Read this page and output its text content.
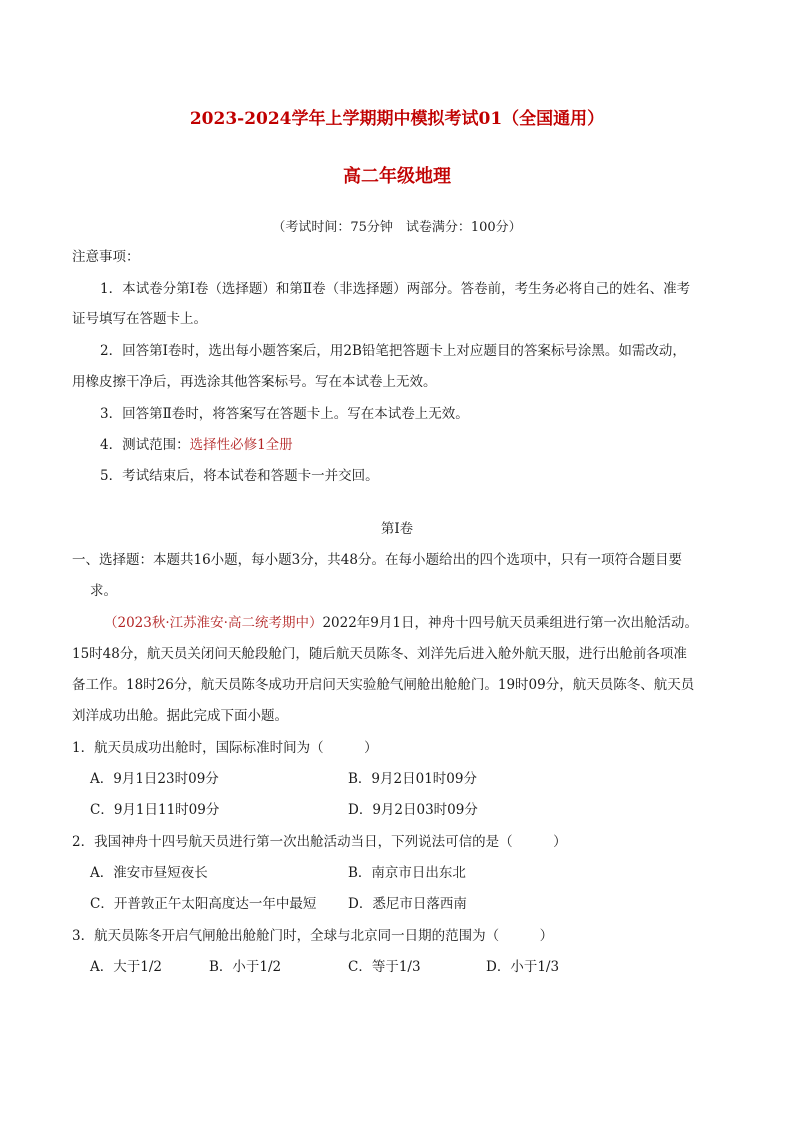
2023-2024学年上学期期中模拟考试01（全国通用）
高二年级地理
（考试时间：75分钟　试卷满分：100分）
注意事项：
1．本试卷分第Ⅰ卷（选择题）和第Ⅱ卷（非选择题）两部分。答卷前，考生务必将自己的姓名、准考
证号填写在答题卡上。
2．回答第Ⅰ卷时，选出每小题答案后，用2B铅笔把答题卡上对应题目的答案标号涂黑。如需改动，
用橡皮擦干净后，再选涂其他答案标号。写在本试卷上无效。
3．回答第Ⅱ卷时，将答案写在答题卡上。写在本试卷上无效。
4．测试范围：选择性必修1全册
5．考试结束后，将本试卷和答题卡一并交回。
第Ⅰ卷
一、选择题：本题共16小题，每小题3分，共48分。在每小题给出的四个选项中，只有一项符合题目要
求。
（2023秋·江苏淮安·高二统考期中）2022年9月1日，神舟十四号航天员乘组进行第一次出舱活动。
15时48分，航天员关闭问天舱段舱门，随后航天员陈冬、刘洋先后进入舱外航天服，进行出舱前各项准
备工作。18时26分，航天员陈冬成功开启问天实验舱气闸舱出舱舱门。19时09分，航天员陈冬、航天员
刘洋成功出舱。据此完成下面小题。
1．航天员成功出舱时，国际标准时间为（　　　）
A．9月1日23时09分	B．9月2日01时09分
C．9月1日11时09分	D．9月2日03时09分
2．我国神舟十四号航天员进行第一次出舱活动当日，下列说法可信的是（　　　）
A．淮安市昼短夜长	B．南京市日出东北
C．开普敦正午太阳高度达一年中最短 D．悉尼市日落西南
3．航天员陈冬开启气闸舱出舱舱门时，全球与北京同一日期的范围为（　　　）
A．大于1/2	B．小于1/2	C．等于1/3	D．小于1/3
